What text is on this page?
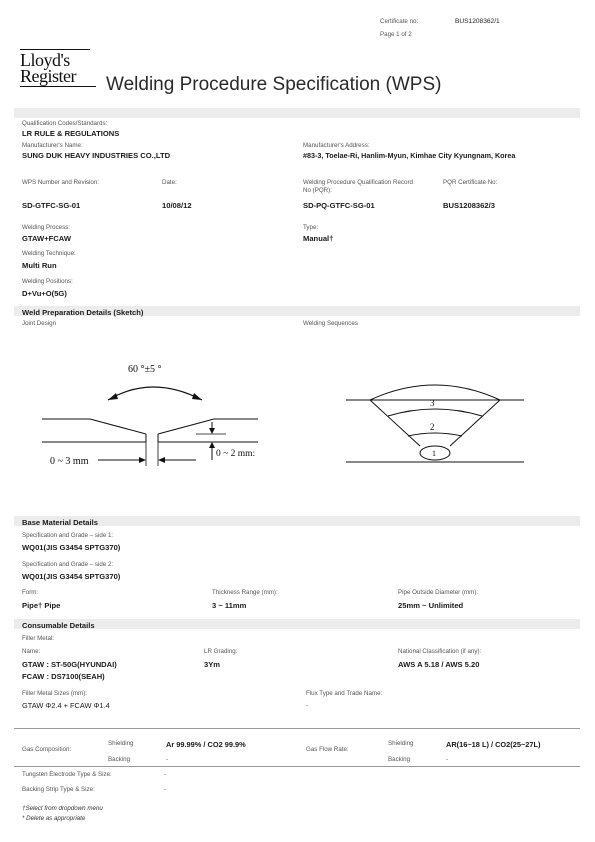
Certificate no:	BUS1208362/1
Page 1 of 2
Lloyd's
Register	Welding Procedure Specification (WPS)
Qualification Codes/Standards:
LR RULE & REGULATIONS
Manufacturer's Name:
SUNG DUK HEAVY INDUSTRIES CO.,LTD
Manufacturer's Address:
#83-3, Toelae-Ri, Hanlim-Myun, Kimhae City Kyungnam, Korea
WPS Number and Revision:	Date:	Welding Procedure Qualification Record
No (PQR):
PQR Certificate No:
SD-GTFC-SG-01	10/08/12	SD-PQ-GTFC-SG-01	BUS1208362/3
Welding Process:
GTAW+FCAW
Type:
Manual†
Welding Technique:
Multi Run
Welding Positions:
D+Vu+O(5G)
Weld Preparation Details (Sketch)
Joint Design	Welding Sequences
60 °±5 °
0 ~ 3 mm
0 ~ 2 mm:
3
2
1
Base Material Details
Specification and Grade – side 1:
WQ01(JIS G3454 SPTG370)
Specification and Grade – side 2:
WQ01(JIS G3454 SPTG370)
Form:
Pipe† Pipe
Thickness Range (mm):
3 ~ 11mm
Pipe Outside Diameter (mm):
25mm ~ Unlimited
Consumable Details
Filler Metal:
Name:
GTAW : ST-50G(HYUNDAI)
FCAW : DS7100(SEAH)
LR Grading:
3Ym
National Classification (if any):
AWS A 5.18 / AWS 5.20
Filler Metal Sizes (mm):
GTAW Φ2.4 + FCAW Φ1.4
Flux Type and Trade Name:
-
Gas Composition:
Shielding	Ar 99.99% / CO2 99.9%
Backing	-
Gas Flow Rate:
Shielding	AR(16~18 L) / CO2(25~27L)
Backing	-
Tungsten Electrode Type & Size:	-
Backing Strip Type & Size:	-
†Select from dropdown menu
* Delete as appropriate
